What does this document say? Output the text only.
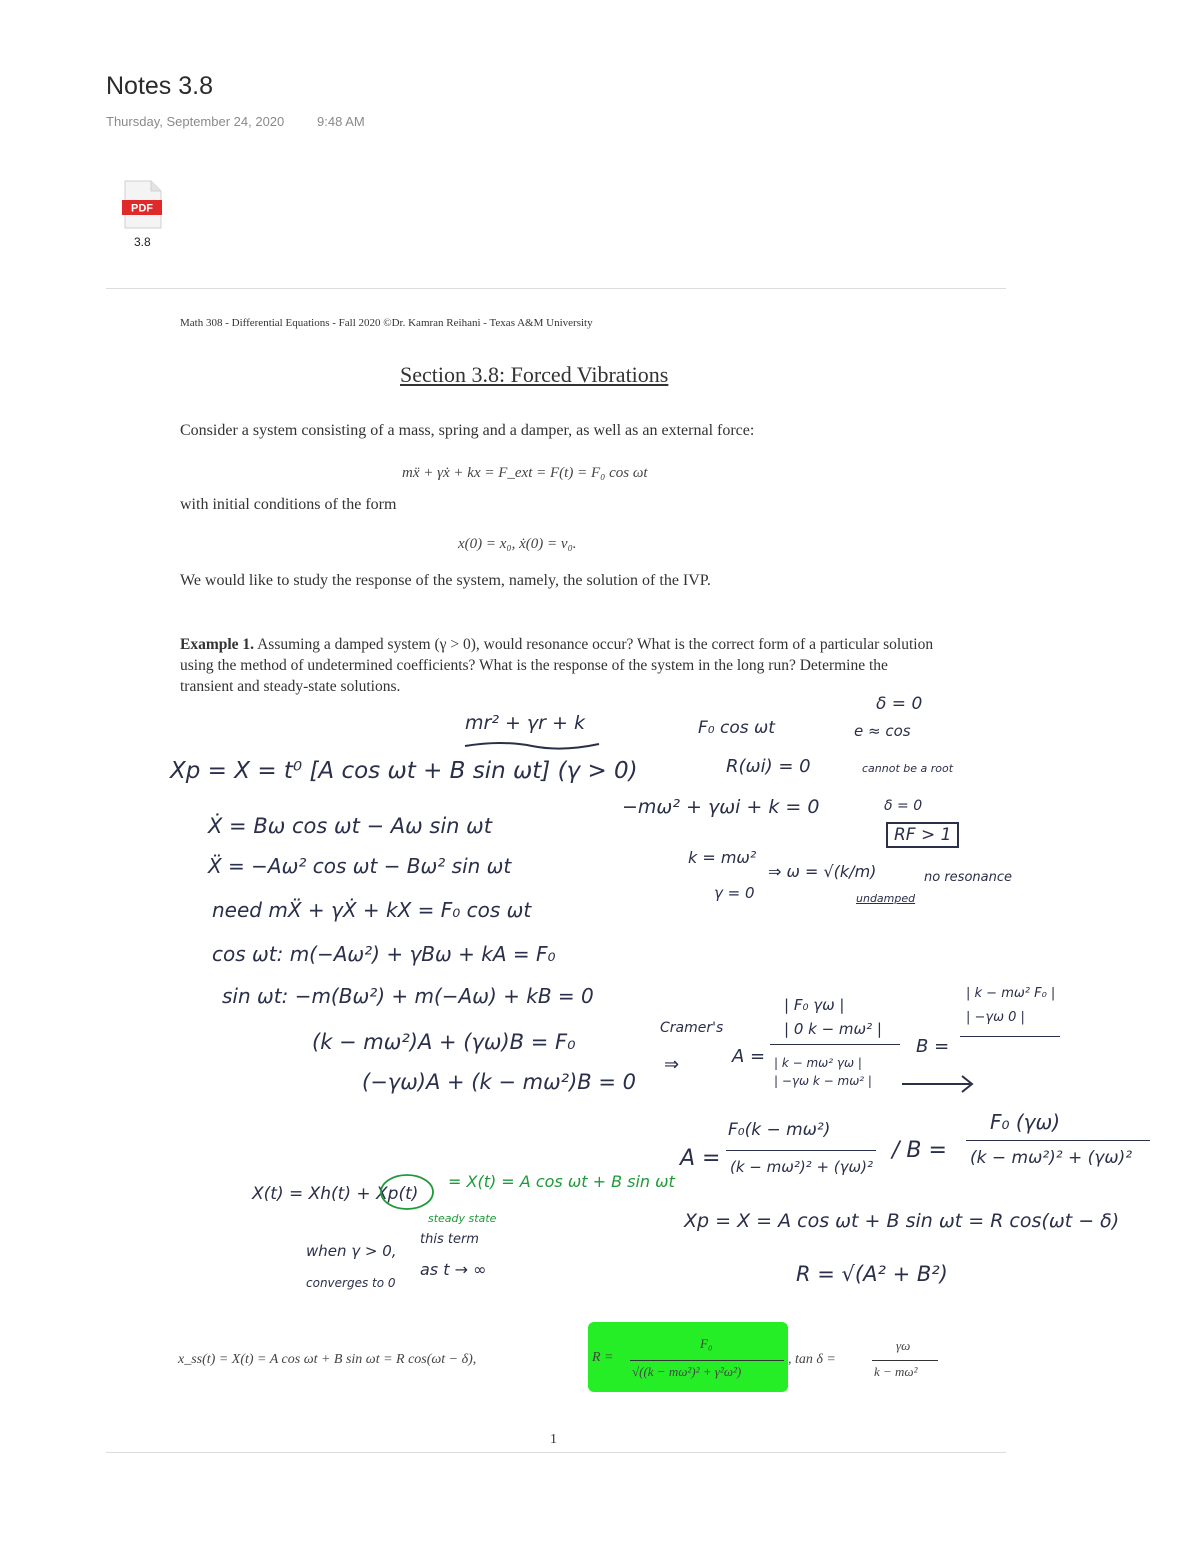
Notes 3.8
Thursday, September 24, 2020	9:48 AM
PDF
3.8
Math 308 - Differential Equations - Fall 2020 ©Dr. Kamran Reihani - Texas A&M University
Section 3.8: Forced Vibrations
Consider a system consisting of a mass, spring and a damper, as well as an external force:
mẍ + γẋ + kx = F_ext = F(t) = F₀ cos ωt
with initial conditions of the form
x(0) = x₀, ẋ(0) = v₀.
We would like to study the response of the system, namely, the solution of the IVP.
Example 1. Assuming a damped system (γ > 0), would resonance occur? What is the correct form of a particular solution using the method of undetermined coefficients? What is the response of the system in the long run? Determine the transient and steady-state solutions.
mr² + γr + k
Xp = X = t⁰ [A cos ωt + B sin ωt] (γ > 0)
Ẋ = Bω cos ωt − Aω sin ωt
Ẍ = −Aω² cos ωt − Bω² sin ωt
need mẌ + γẊ + kX = F₀ cos ωt
cos ωt: m(−Aω²) + γBω + kA = F₀
sin ωt: −m(Bω²) + m(−Aω) + kB = 0
(k − mω²)A + (γω)B = F₀
(−γω)A + (k − mω²)B = 0
Cramer's
⇒
F₀ cos ωt
δ = 0
e ≈ cos
R(ωi) = 0	cannot be a root
−mω² + γωi + k = 0	δ = 0
RF > 1
k = mω²
⇒ ω = √(k/m)
γ = 0	undamped
no resonance
A =
| F₀ γω |
| 0 k − mω² |
| k − mω² γω |
| −γω k − mω² |
B =
| k − mω² F₀ |
| −γω 0 |
A =
F₀(k − mω²)
(k − mω²)² + (γω)²
/ B =
F₀ (γω)
(k − mω²)² + (γω)²
X(t) = Xh(t) + Xp(t)
= X(t) = A cos ωt + B sin ωt
steady state
when γ > 0,
this term
as t → ∞
converges to 0
Xp = X = A cos ωt + B sin ωt = R cos(ωt − δ)
R = √(A² + B²)
x_ss(t) = X(t) = A cos ωt + B sin ωt = R cos(ωt − δ),	R =
F₀
√((k − mω²)² + γ²ω²)
, tan δ =
γω
k − mω²
1
